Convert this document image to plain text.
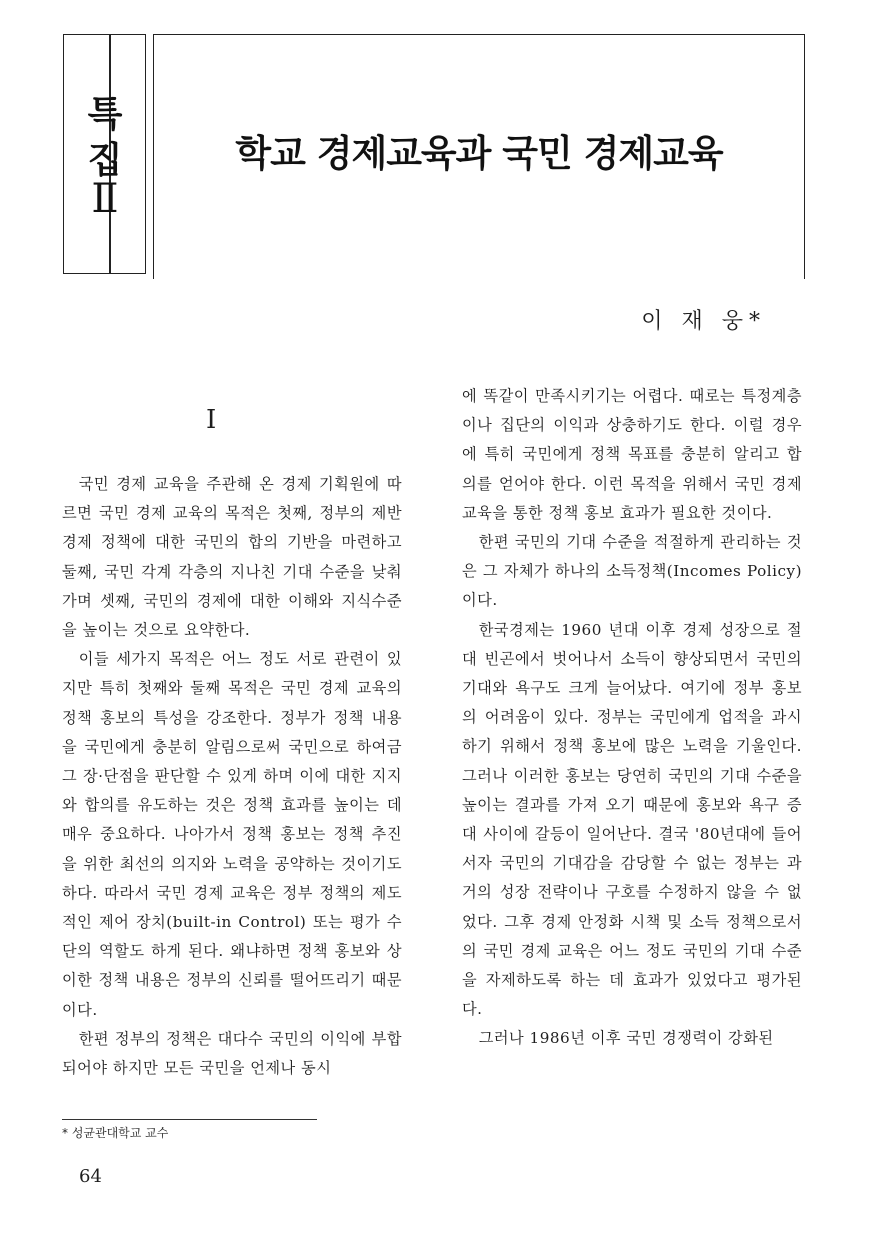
특
집
Ⅱ
학교 경제교육과 국민 경제교육
이 재 웅*
I

국민 경제 교육을 주관해 온 경제 기획원에 따르면 국민 경제 교육의 목적은 첫째, 정부의 제반 경제 정책에 대한 국민의 합의 기반을 마련하고 둘째, 국민 각계 각층의 지나친 기대 수준을 낮춰가며 셋째, 국민의 경제에 대한 이해와 지식수준을 높이는 것으로 요약한다.

이들 세가지 목적은 어느 정도 서로 관련이 있지만 특히 첫째와 둘째 목적은 국민 경제 교육의 정책 홍보의 특성을 강조한다. 정부가 정책 내용을 국민에게 충분히 알림으로써 국민으로 하여금 그 장·단점을 판단할 수 있게 하며 이에 대한 지지와 합의를 유도하는 것은 정책 효과를 높이는 데 매우 중요하다. 나아가서 정책 홍보는 정책 추진을 위한 최선의 의지와 노력을 공약하는 것이기도 하다. 따라서 국민 경제 교육은 정부 정책의 제도적인 제어 장치(built-in Control) 또는 평가 수단의 역할도 하게 된다. 왜냐하면 정책 홍보와 상이한 정책 내용은 정부의 신뢰를 떨어뜨리기 때문이다.

한편 정부의 정책은 대다수 국민의 이익에 부합되어야 하지만 모든 국민을 언제나 동시

에 똑같이 만족시키기는 어렵다. 때로는 특정계층이나 집단의 이익과 상충하기도 한다. 이럴 경우에 특히 국민에게 정책 목표를 충분히 알리고 합의를 얻어야 한다. 이런 목적을 위해서 국민 경제 교육을 통한 정책 홍보 효과가 필요한 것이다.

한편 국민의 기대 수준을 적절하게 관리하는 것은 그 자체가 하나의 소득정책(Incomes Policy)이다.

한국경제는 1960 년대 이후 경제 성장으로 절대 빈곤에서 벗어나서 소득이 향상되면서 국민의 기대와 욕구도 크게 늘어났다. 여기에 정부 홍보의 어려움이 있다. 정부는 국민에게 업적을 과시하기 위해서 정책 홍보에 많은 노력을 기울인다. 그러나 이러한 홍보는 당연히 국민의 기대 수준을 높이는 결과를 가져 오기 때문에 홍보와 욕구 증대 사이에 갈등이 일어난다. 결국 '80년대에 들어서자 국민의 기대감을 감당할 수 없는 정부는 과거의 성장 전략이나 구호를 수정하지 않을 수 없었다. 그후 경제 안정화 시책 및 소득 정책으로서의 국민 경제 교육은 어느 정도 국민의 기대 수준을 자제하도록 하는 데 효과가 있었다고 평가된다.

그러나 1986년 이후 국민 경쟁력이 강화된

* 성균관대학교 교수
64
